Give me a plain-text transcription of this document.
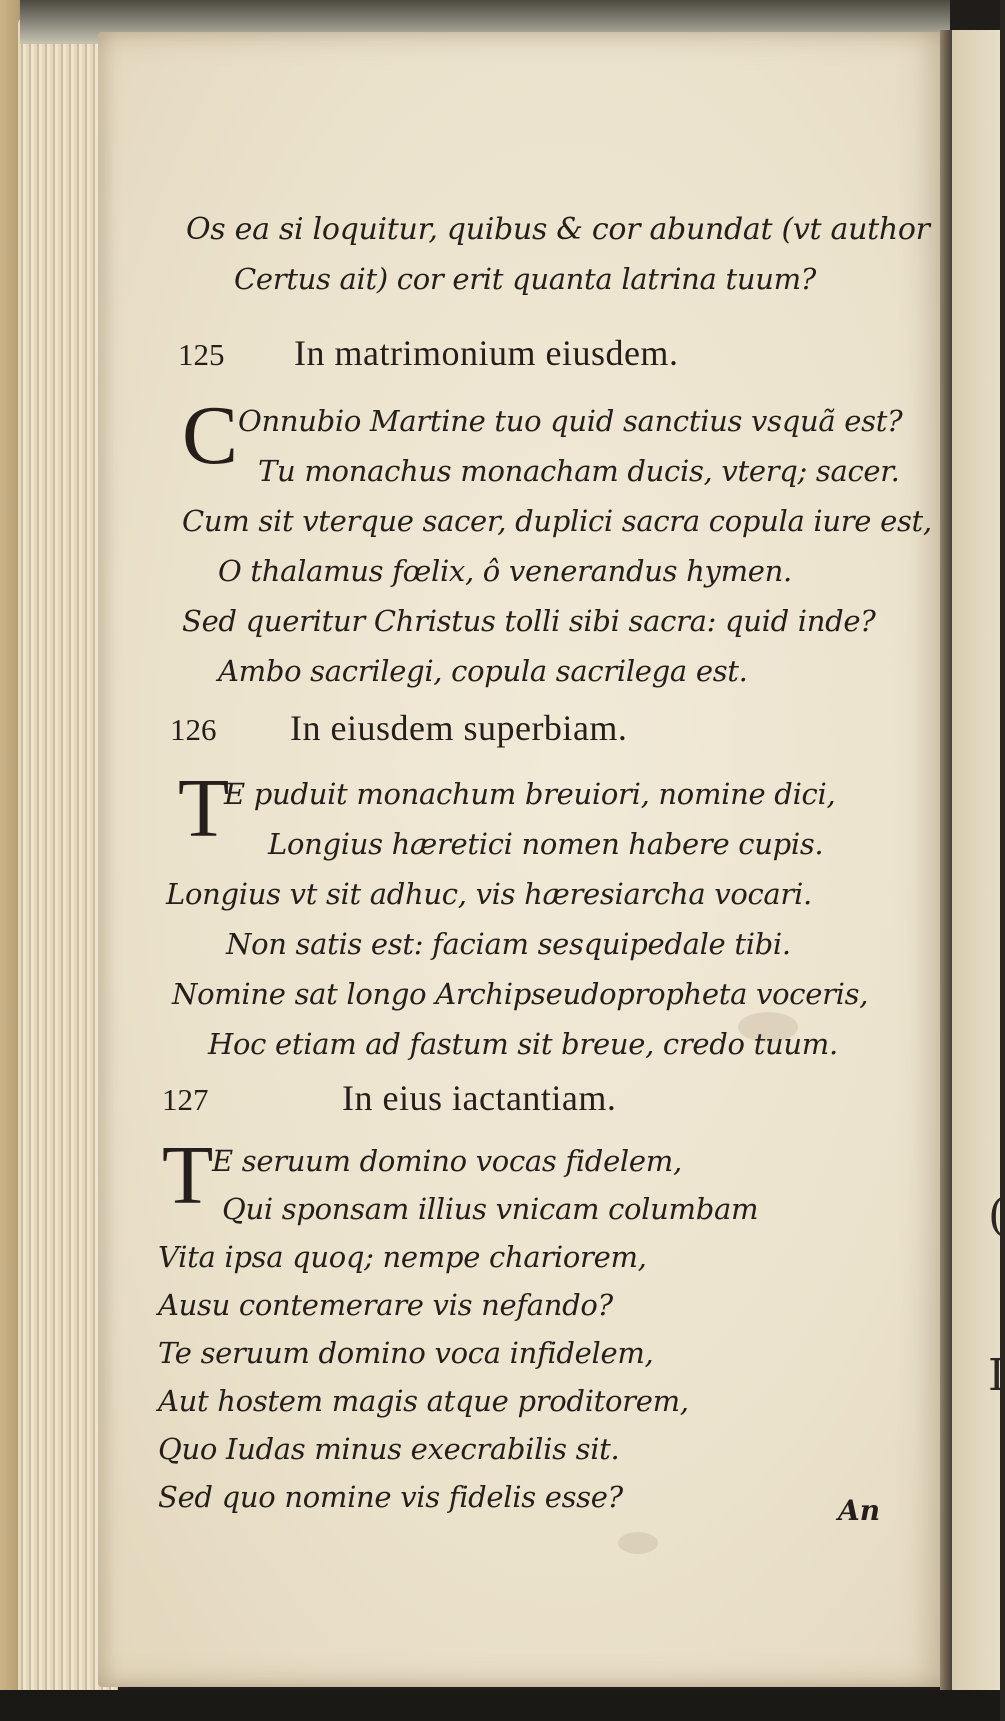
Os ea si loquitur, quibus & cor abundat (vt author
Certus ait) cor erit quanta latrina tuum?
125 In matrimonium eiusdem.
C Onnubio Martine tuo quid sanctius vsquã est?
Tu monachus monacham ducis, vterq; sacer.
Cum sit vterque sacer, duplici sacra copula iure est,
O thalamus fœlix, ô venerandus hymen.
Sed queritur Christus tolli sibi sacra: quid inde?
Ambo sacrilegi, copula sacrilega est.
126 In eiusdem superbiam.
T
E puduit monachum breuiori, nomine dici,
Longius hæretici nomen habere cupis.
Longius vt sit adhuc, vis hæresiarcha vocari.
Non satis est: faciam sesquipedale tibi.
Nomine sat longo Archipseudopropheta voceris,
Hoc etiam ad fastum sit breue, credo tuum.
127	In eius iactantiam.
T
E seruum domino vocas fidelem,
Qui sponsam illius vnicam columbam
Vita ipsa quoq; nempe chariorem,
Ausu contemerare vis nefando?
Te seruum domino voca infidelem,
Aut hostem magis atque proditorem,
Quo Iudas minus execrabilis sit.
Sed quo nomine vis fidelis esse?	An
(
I
